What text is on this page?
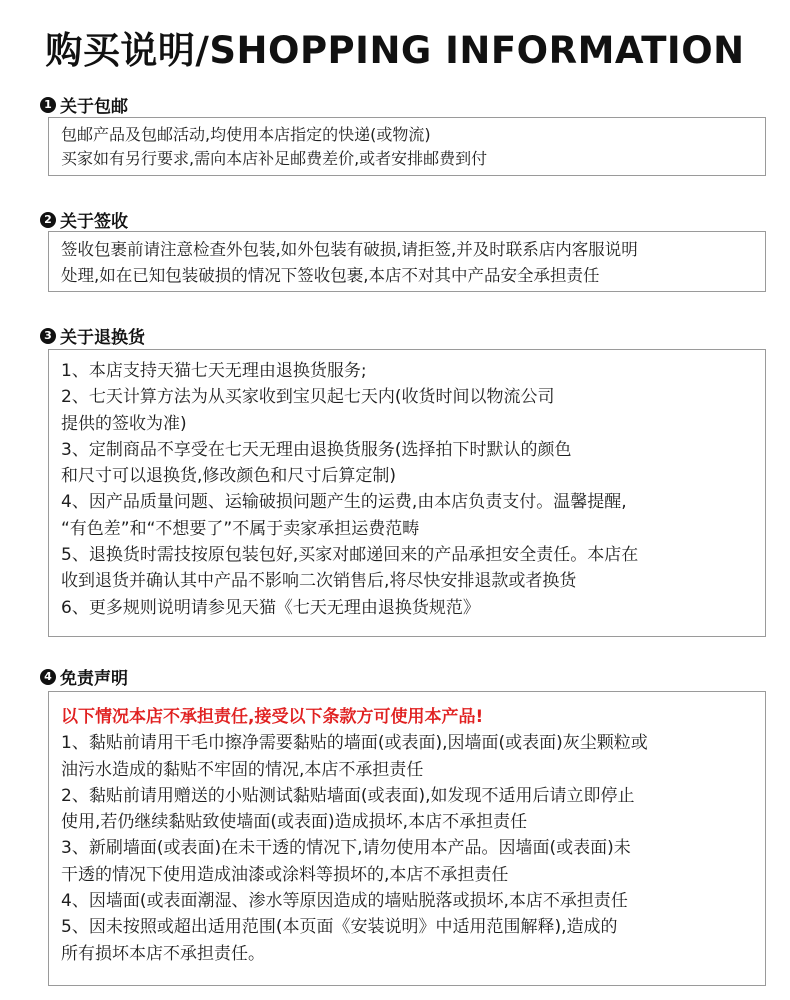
购买说明/SHOPPING INFORMATION
1 关于包邮
包邮产品及包邮活动,均使用本店指定的快递(或物流)
买家如有另行要求,需向本店补足邮费差价,或者安排邮费到付
2 关于签收
签收包裹前请注意检查外包装,如外包装有破损,请拒签,并及时联系店内客服说明
处理,如在已知包装破损的情况下签收包裹,本店不对其中产品安全承担责任
3 关于退换货
1、本店支持天猫七天无理由退换货服务;
2、七天计算方法为从买家收到宝贝起七天内(收货时间以物流公司
提供的签收为准)
3、定制商品不享受在七天无理由退换货服务(选择拍下时默认的颜色
和尺寸可以退换货,修改颜色和尺寸后算定制)
4、因产品质量问题、运输破损问题产生的运费,由本店负责支付。温馨提醒,
“有色差”和“不想要了”不属于卖家承担运费范畴
5、退换货时需技按原包装包好,买家对邮递回来的产品承担安全责任。本店在
收到退货并确认其中产品不影响二次销售后,将尽快安排退款或者换货
6、更多规则说明请参见天猫《七天无理由退换货规范》
4 免责声明
以下情况本店不承担责任,接受以下条款方可使用本产品!
1、黏贴前请用干毛巾擦净需要黏贴的墙面(或表面),因墙面(或表面)灰尘颗粒或
油污水造成的黏贴不牢固的情况,本店不承担责任
2、黏贴前请用赠送的小贴测试黏贴墙面(或表面),如发现不适用后请立即停止
使用,若仍继续黏贴致使墙面(或表面)造成损坏,本店不承担责任
3、新刷墙面(或表面)在未干透的情况下,请勿使用本产品。因墙面(或表面)未
干透的情况下使用造成油漆或涂料等损坏的,本店不承担责任
4、因墙面(或表面潮湿、渗水等原因造成的墙贴脱落或损坏,本店不承担责任
5、因未按照或超出适用范围(本页面《安装说明》中适用范围解释),造成的
所有损坏本店不承担责任。
